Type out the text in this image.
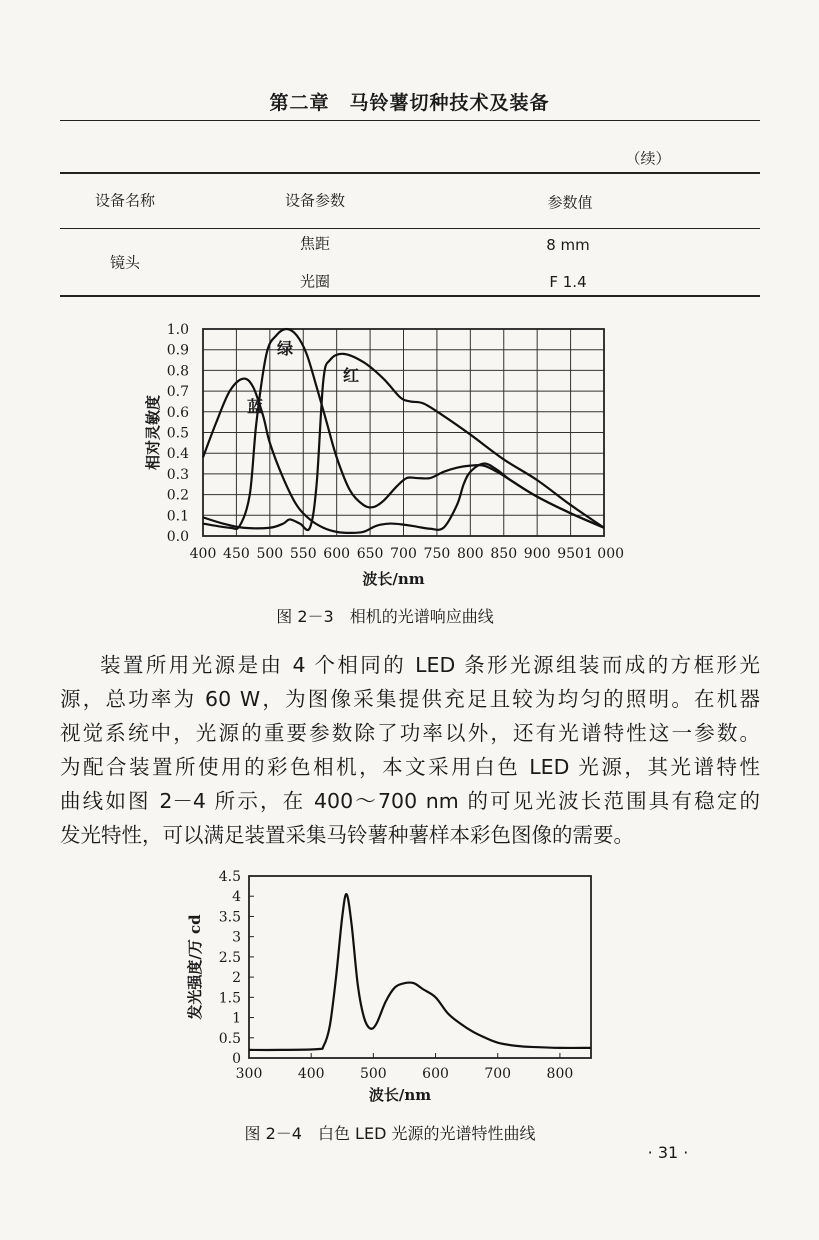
第二章　马铃薯切种技术及装备
（续）
设备名称	设备参数	参数值
镜头
焦距	8 mm
光圈	F 1.4
400 450 500 550 600 650 700 750 800 850 900 950 1 000
0.0
0.1
0.2
0.3
0.4
0.5
0.6
0.7
0.8
0.9
1.0
波长/nm
相对灵敏度	蓝
绿
红
图 2－3　相机的光谱响应曲线
装置所用光源是由 4 个相同的 LED 条形光源组装而成的方框形光
源，总功率为 60 W，为图像采集提供充足且较为均匀的照明。在机器
视觉系统中，光源的重要参数除了功率以外，还有光谱特性这一参数。
为配合装置所使用的彩色相机，本文采用白色 LED 光源，其光谱特性
曲线如图 2－4 所示，在 400～700 nm 的可见光波长范围具有稳定的
发光特性，可以满足装置采集马铃薯种薯样本彩色图像的需要。
300	400	500	600	700	800
0
0.5
1
1.5
2
2.5
3
3.5
4
4.5
波长/nm
发光强度/万 cd
图 2－4　白色 LED 光源的光谱特性曲线
· 31 ·
